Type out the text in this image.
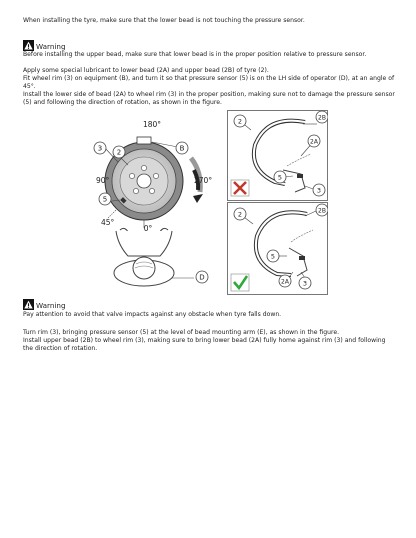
When installing the tyre, make sure that the lower bead is not touching the pressure sensor.

Warning

Before installing the upper bead, make sure that lower bead is in the proper position relative to pressure sensor.

Apply some special lubricant to lower bead (2A) and upper bead (2B) of tyre (2).

Fit wheel rim (3) on equipment (B), and turn it so that pressure sensor (5) is on the LH side of operator (D), at an angle of 45°.

Install the lower side of bead (2A) to wheel rim (3) in the proper position, making sure not to damage the pressure sensor (5) and following the direction of rotation, as shown in the figure.

2	B
3
5
D
180°
90°	270°
45°
0°
2	2B
2A
5
3
2	2B
2A
5
3
Warning

Pay attention to avoid that valve impacts against any obstacle when tyre falls down.

Turn rim (3), bringing pressure sensor (5) at the level of bead mounting arm (E), as shown in the figure.

Install upper bead (2B) to wheel rim (3), making sure to bring lower bead (2A) fully home against rim (3) and following the direction of rotation.
